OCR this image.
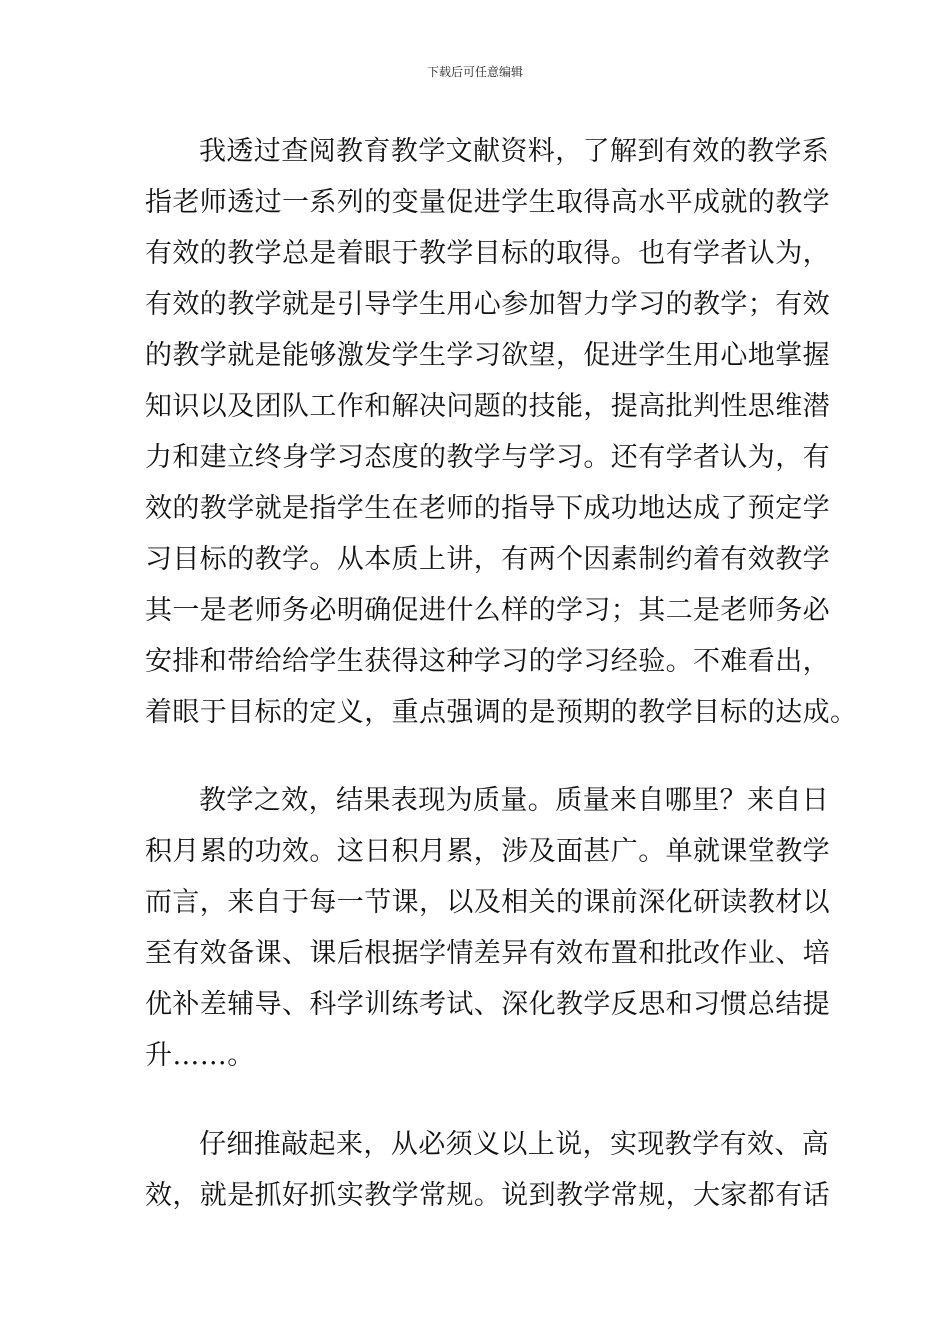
下载后可任意编辑
我透过查阅教育教学文献资料，了解到有效的教学系
指老师透过一系列的变量促进学生取得高水平成就的教学
有效的教学总是着眼于教学目标的取得。也有学者认为，
有效的教学就是引导学生用心参加智力学习的教学；有效
的教学就是能够激发学生学习欲望，促进学生用心地掌握
知识以及团队工作和解决问题的技能，提高批判性思维潜
力和建立终身学习态度的教学与学习。还有学者认为，有
效的教学就是指学生在老师的指导下成功地达成了预定学
习目标的教学。从本质上讲，有两个因素制约着有效教学
其一是老师务必明确促进什么样的学习；其二是老师务必
安排和带给给学生获得这种学习的学习经验。不难看出，
着眼于目标的定义，重点强调的是预期的教学目标的达成。
教学之效，结果表现为质量。质量来自哪里？来自日
积月累的功效。这日积月累，涉及面甚广。单就课堂教学
而言，来自于每一节课，以及相关的课前深化研读教材以
至有效备课、课后根据学情差异有效布置和批改作业、培
优补差辅导、科学训练考试、深化教学反思和习惯总结提
升……。
仔细推敲起来，从必须义以上说，实现教学有效、高
效，就是抓好抓实教学常规。说到教学常规，大家都有话
